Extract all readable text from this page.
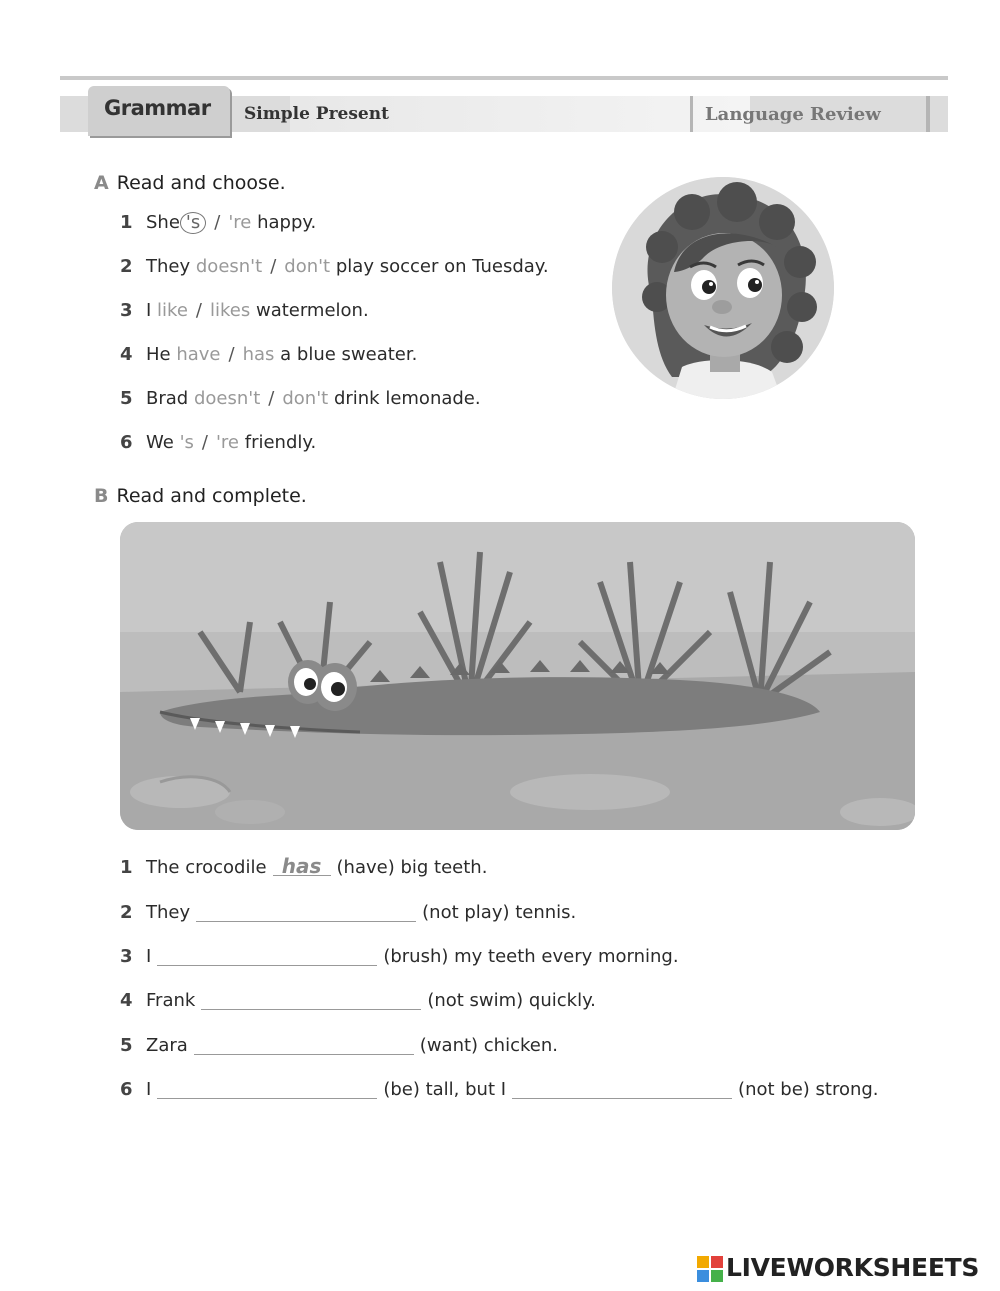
Grammar Simple Present	Language Review
A Read and choose.
1 She 's / 're happy.
2 They doesn't / don't play soccer on Tuesday.
3 I like / likes watermelon.
4 He have / has a blue sweater.
5 Brad doesn't / don't drink lemonade.
6 We 's / 're friendly.
B Read and complete.
1 The crocodile has (have) big teeth.
2 They	(not play) tennis.
3 I	(brush) my teeth every morning.
4 Frank	(not swim) quickly.
5 Zara	(want) chicken.
6 I	(be) tall, but I	(not be) strong.
LIVEWORKSHEETS
